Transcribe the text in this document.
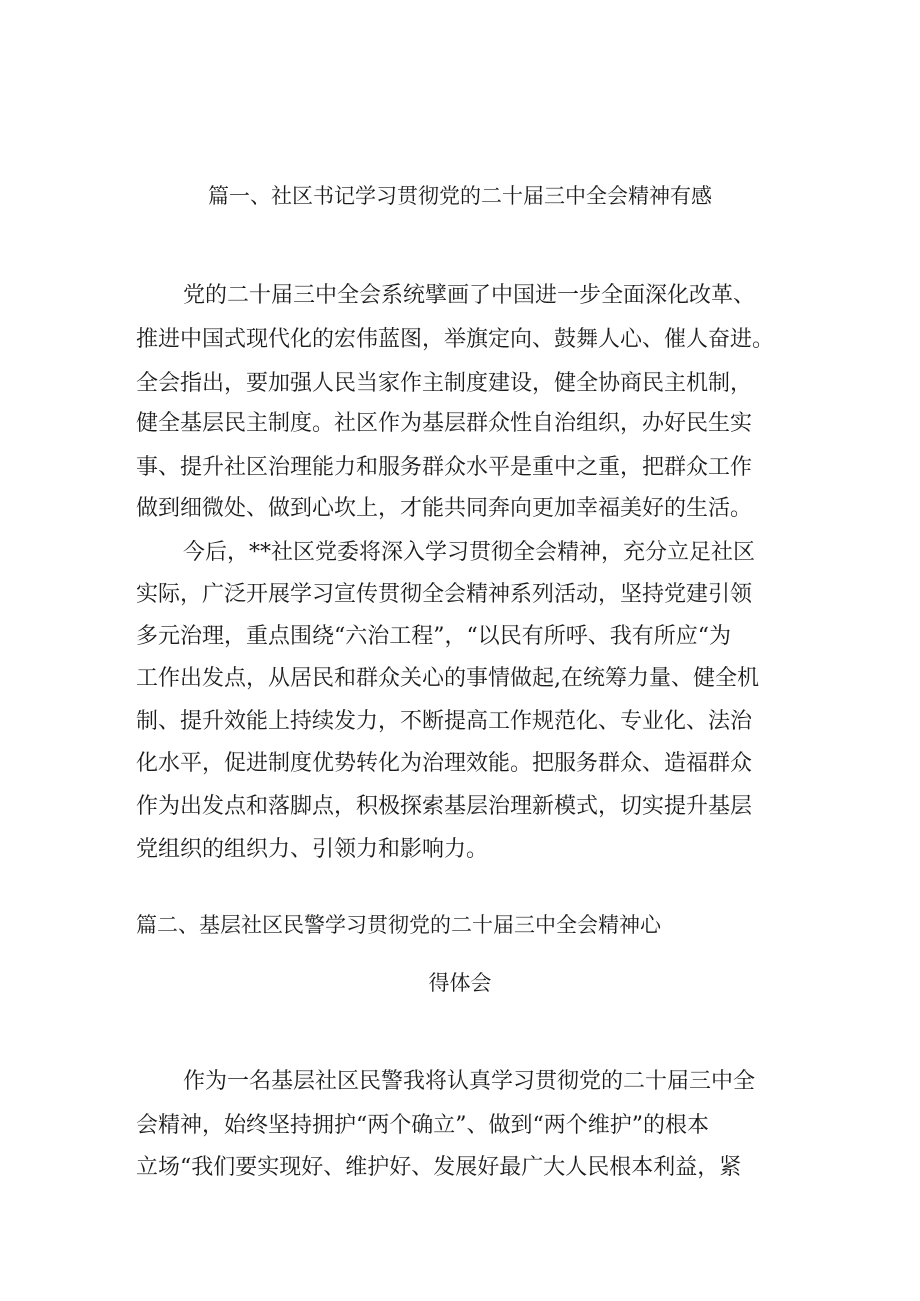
篇一、社区书记学习贯彻党的二十届三中全会精神有感
党的二十届三中全会系统擘画了中国进一步全面深化改革、
推进中国式现代化的宏伟蓝图，举旗定向、鼓舞人心、催人奋进。
全会指出，要加强人民当家作主制度建设，健全协商民主机制，
健全基层民主制度。社区作为基层群众性自治组织，办好民生实
事、提升社区治理能力和服务群众水平是重中之重，把群众工作
做到细微处、做到心坎上，才能共同奔向更加幸福美好的生活。
今后，**社区党委将深入学习贯彻全会精神，充分立足社区
实际，广泛开展学习宣传贯彻全会精神系列活动，坚持党建引领
多元治理，重点围绕“六治工程”，“以民有所呼、我有所应“为
工作出发点，从居民和群众关心的事情做起,在统筹力量、健全机
制、提升效能上持续发力，不断提高工作规范化、专业化、法治
化水平，促进制度优势转化为治理效能。把服务群众、造福群众
作为出发点和落脚点，积极探索基层治理新模式，切实提升基层
党组织的组织力、引领力和影响力。
篇二、基层社区民警学习贯彻党的二十届三中全会精神心
得体会
作为一名基层社区民警我将认真学习贯彻党的二十届三中全
会精神，始终坚持拥护“两个确立”、做到“两个维护”的根本
立场“我们要实现好、维护好、发展好最广大人民根本利益，紧
